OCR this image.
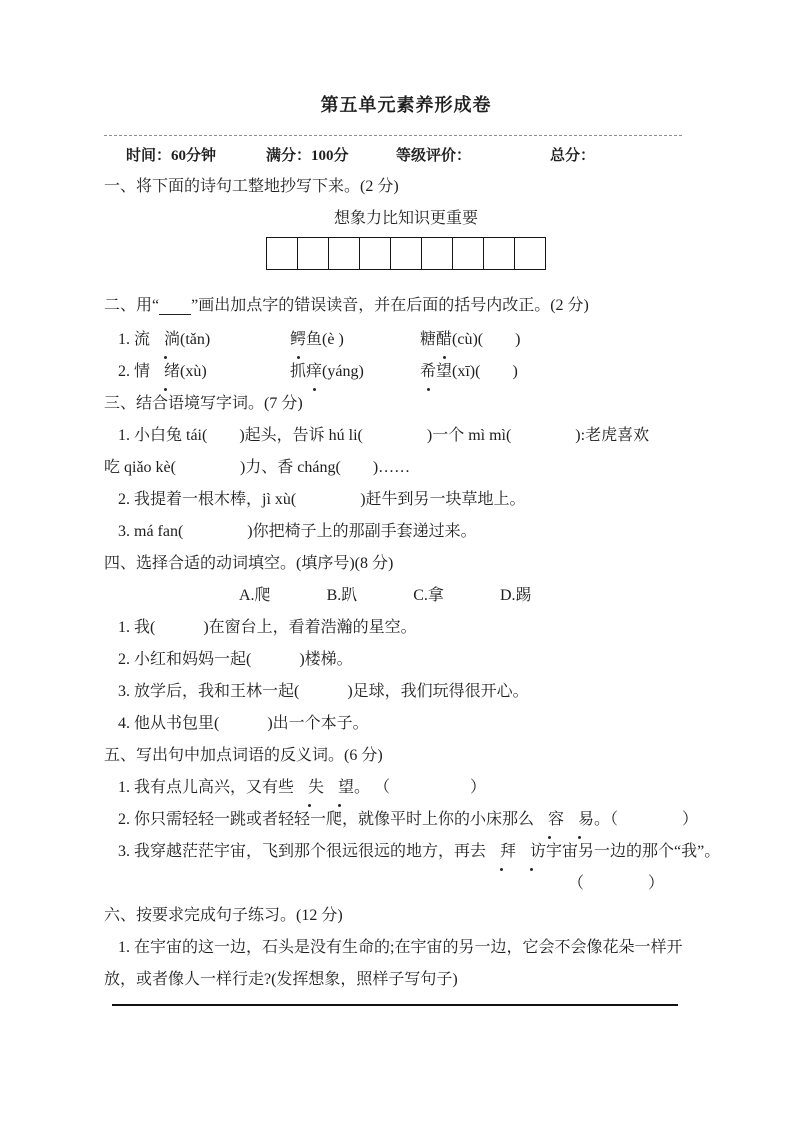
第五单元素养形成卷
时间：60分钟	满分：100分	等级评价：	总分：
一、将下面的诗句工整地抄写下来。(2 分)
想象力比知识更重要
二、用“　　 ”画出加点字的错误读音，并在后面的括号内改正。(2 分)
1. 流 淌(tǎn)	鳄鱼(è )	糖醋(cù)(　　)
2. 情 绪(xù)	抓痒(yáng)	希望(xī)(　　)
三、结合语境写字词。(7 分)
1. 小白兔 tái(　　)起头，告诉 hú li(　　　　)一个 mì mì(　　　　):老虎喜欢
吃 qiǎo kè(　　　　)力、香 cháng(　　)……
2. 我提着一根木棒，jì xù(　　　　)赶牛到另一块草地上。
3. má fan(　　　　)你把椅子上的那副手套递过来。
四、选择合适的动词填空。(填序号)(8 分)
A.爬	B.趴	C.拿	D.踢
1. 我(　　　)在窗台上，看着浩瀚的星空。
2. 小红和妈妈一起(　　　)楼梯。
3. 放学后，我和王林一起(　　　)足球，我们玩得很开心。
4. 他从书包里(　　　)出一个本子。
五、写出句中加点词语的反义词。(6 分)
1. 我有点儿高兴，又有些 失 望。 （　　　　　）
2. 你只需轻轻一跳或者轻轻一爬，就像平时上你的小床那么 容 易。（　　　　）
3. 我穿越茫茫宇宙，飞到那个很远很远的地方，再去 拜 访宇宙另一边的那个“我”。
（　　　　）
六、按要求完成句子练习。(12 分)
1. 在宇宙的这一边，石头是没有生命的;在宇宙的另一边，它会不会像花朵一样开
放，或者像人一样行走?(发挥想象，照样子写句子)
